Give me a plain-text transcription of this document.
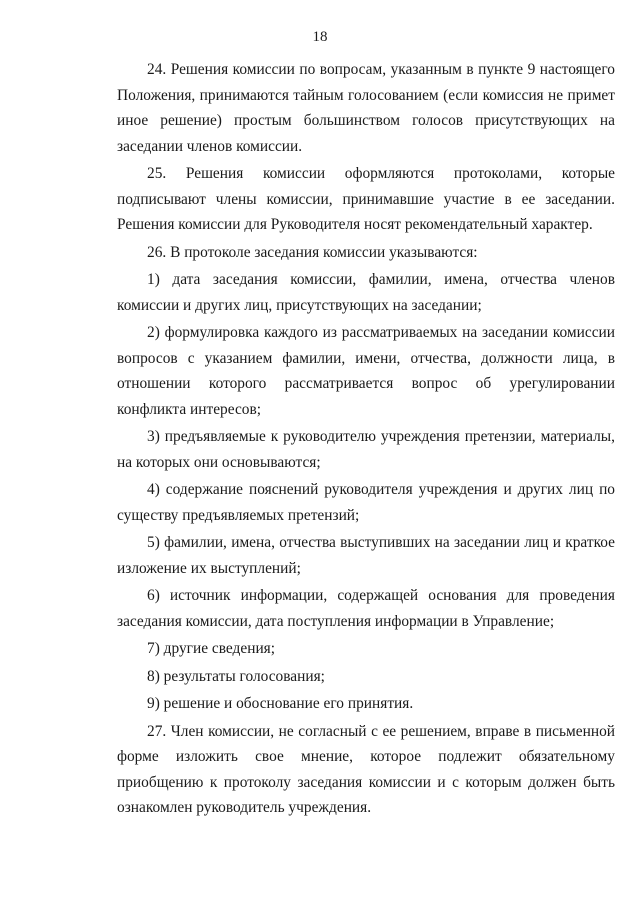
18

24. Решения комиссии по вопросам, указанным в пункте 9 настоящего Положения, принимаются тайным голосованием (если комиссия не примет иное решение) простым большинством голосов присутствующих на заседании членов комиссии.

25. Решения комиссии оформляются протоколами, которые подписывают члены комиссии, принимавшие участие в ее заседании. Решения комиссии для Руководителя носят рекомендательный характер.

26. В протоколе заседания комиссии указываются:

1) дата заседания комиссии, фамилии, имена, отчества членов комиссии и других лиц, присутствующих на заседании;

2) формулировка каждого из рассматриваемых на заседании комиссии вопросов с указанием фамилии, имени, отчества, должности лица, в отношении которого рассматривается вопрос об урегулировании конфликта интересов;

3) предъявляемые к руководителю учреждения претензии, материалы, на которых они основываются;

4) содержание пояснений руководителя учреждения и других лиц по существу предъявляемых претензий;

5) фамилии, имена, отчества выступивших на заседании лиц и краткое изложение их выступлений;

6) источник информации, содержащей основания для проведения заседания комиссии, дата поступления информации в Управление;

7) другие сведения;

8) результаты голосования;

9) решение и обоснование его принятия.

27. Член комиссии, не согласный с ее решением, вправе в письменной форме изложить свое мнение, которое подлежит обязательному приобщению к протоколу заседания комиссии и с которым должен быть ознакомлен руководитель учреждения.
